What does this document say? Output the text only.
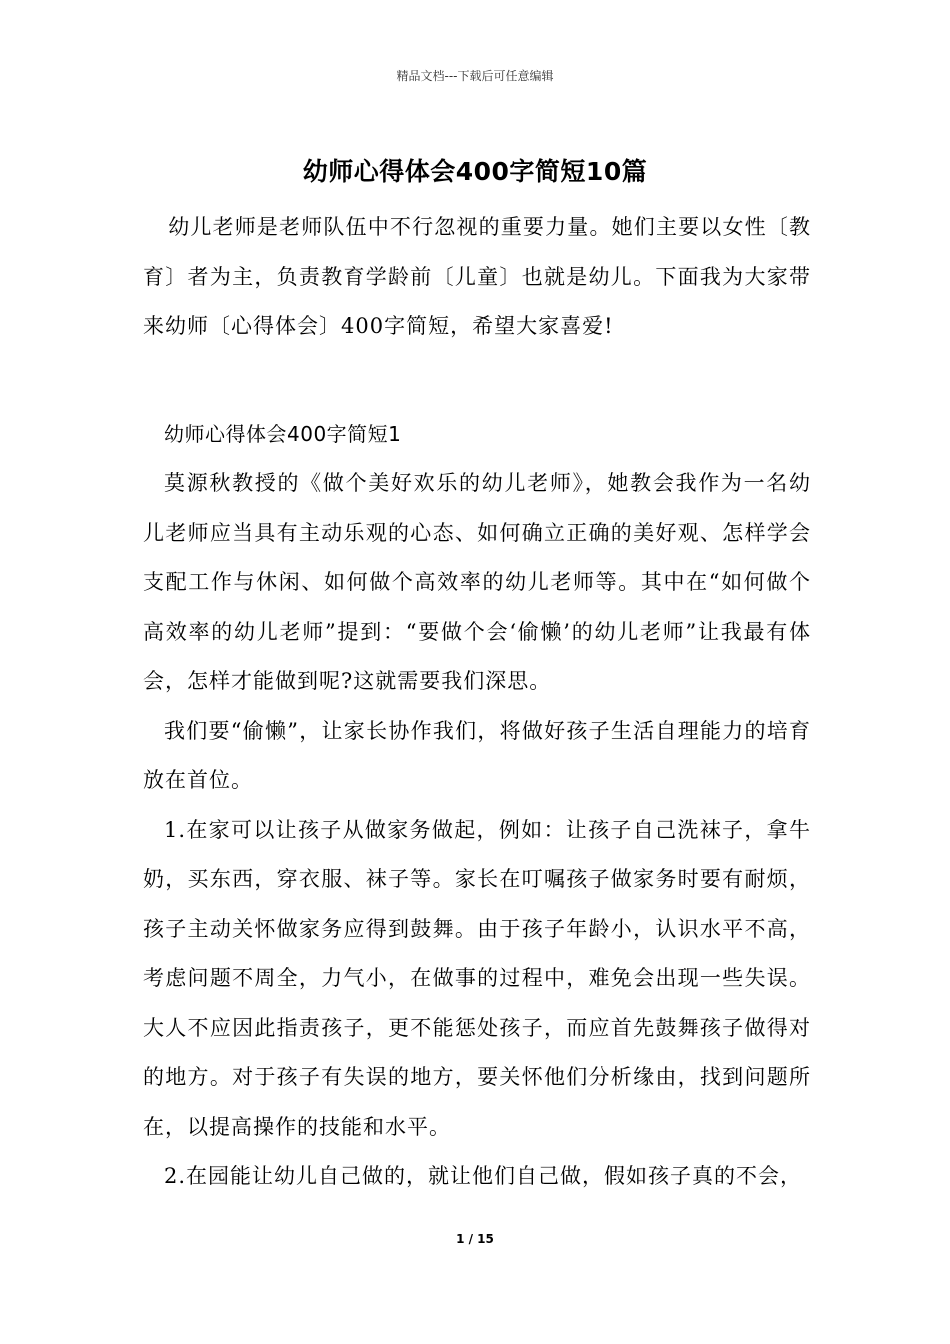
精品文档---下载后可任意编辑
幼师心得体会400字简短10篇

幼儿老师是老师队伍中不行忽视的重要力量。她们主要以女性〔教育〕者为主，负责教育学龄前〔儿童〕也就是幼儿。下面我为大家带来幼师〔心得体会〕400字简短，希望大家喜爱!

幼师心得体会400字简短1

莫源秋教授的《做个美好欢乐的幼儿老师》，她教会我作为一名幼儿老师应当具有主动乐观的心态、如何确立正确的美好观、怎样学会支配工作与休闲、如何做个高效率的幼儿老师等。其中在“如何做个高效率的幼儿老师”提到：“要做个会‘偷懒’的幼儿老师”让我最有体会，怎样才能做到呢?这就需要我们深思。

我们要“偷懒”，让家长协作我们，将做好孩子生活自理能力的培育放在首位。

1.在家可以让孩子从做家务做起，例如：让孩子自己洗袜子，拿牛奶，买东西，穿衣服、袜子等。家长在叮嘱孩子做家务时要有耐烦，孩子主动关怀做家务应得到鼓舞。由于孩子年龄小，认识水平不高，考虑问题不周全，力气小，在做事的过程中，难免会出现一些失误。大人不应因此指责孩子，更不能惩处孩子，而应首先鼓舞孩子做得对的地方。对于孩子有失误的地方，要关怀他们分析缘由，找到问题所在，以提高操作的技能和水平。

2.在园能让幼儿自己做的，就让他们自己做，假如孩子真的不会，

1 / 15
